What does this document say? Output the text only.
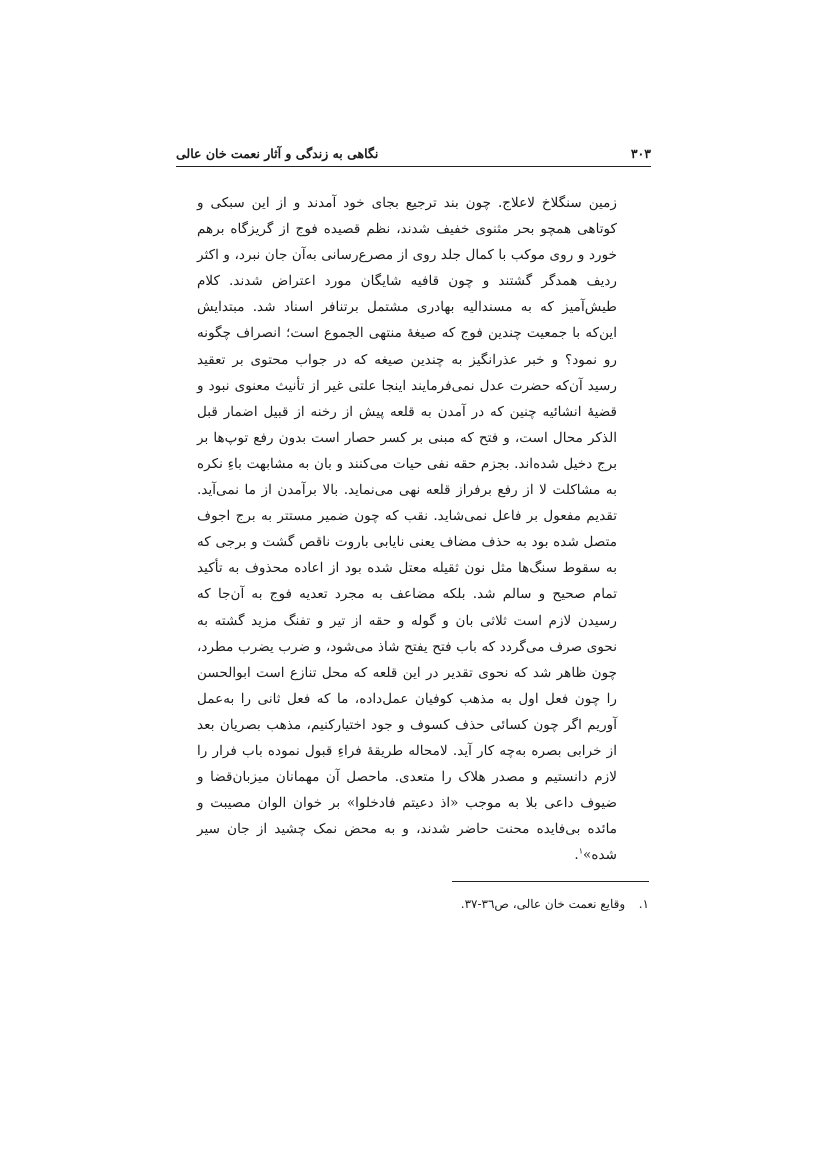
۳۰۳
نگاهی به زندگی و آثار نعمت خان عالی

زمین سنگلاخ لاعلاج. چون بند ترجیع بجای خود آمدند و از این سبکی و کوتاهی همچو بحر مثنوی خفیف شدند، نظم قصیده فوج از گریزگاه برهم خورد و روی موکب با کمال جلد روی از مصرع‌رسانی به‌آن جان نبرد، و اکثر ردیف همدگر گشتند و چون قافیه شایگان مورد اعتراض شدند. کلام طیش‌آمیز که به مسندالیه بهادری مشتمل برتنافر اسناد شد. مبتدایش این‌که با جمعیت چندین فوج که صیغهٔ منتهی الجموع است؛ انصراف چگونه رو نمود؟ و خبر عذرانگیز به چندین صیغه که در جواب محتوی بر تعقید رسید آن‌که حضرت عدل نمی‌فرمایند اینجا علتی غیر از تأنیث معنوی نبود و قضیهٔ انشائیه چنین که در آمدن به قلعه پیش از رخنه از قبیل اضمار قبل الذکر محال است، و فتح که مبنی بر کسر حصار است بدون رفع توپ‌ها بر برج دخیل شده‌اند. بجزم حقه نفی حیات می‌کنند و بان به مشابهت باءِ نکره به مشاکلت لا از رفع برفراز قلعه نهی می‌نماید. بالا برآمدن از ما نمی‌آید. تقدیم مفعول بر فاعل نمی‌شاید. نقب که چون ضمیر مستتر به برج اجوف متصل شده بود به حذف مضاف یعنی نایابی باروت ناقص گشت و برجی که به سقوط سنگ‌ها مثل نون ثقیله معتل شده بود از اعاده محذوف به تأکید تمام صحیح و سالم شد. بلکه مضاعف به مجرد تعدیه فوج به آن‌جا که رسیدن لازم است ثلاثی بان و گوله و حقه از تیر و تفنگ مزید گشته به نحوی صرف می‌گردد که باب فتح یفتح شاذ می‌شود، و ضرب یضرب مطرد، چون ظاهر شد که نحوی تقدیر در این قلعه که محل تنازع است ابوالحسن را چون فعل اول به مذهب کوفیان عمل‌داده، ما که فعل ثانی را به‌عمل آوریم اگر چون کسائی حذف کسوف و جود اختیارکنیم، مذهب بصریان بعد از خرابی بصره به‌چه کار آید. لامحاله طریقهٔ فراءِ قبول نموده باب فرار را لازم دانستیم و مصدر هلاک را متعدی. ماحصل آن مهمانان میزبان‌قضا و ضیوف داعی بلا به موجب «اذ دعیتم فادخلوا» بر خوان الوان مصیبت و مائده بی‌فایده محنت حاضر شدند، و به محض نمک چشید از جان سیر شده»$^۱$.

۱. وقایع نعمت خان عالی، ص۳٦-۳۷.
